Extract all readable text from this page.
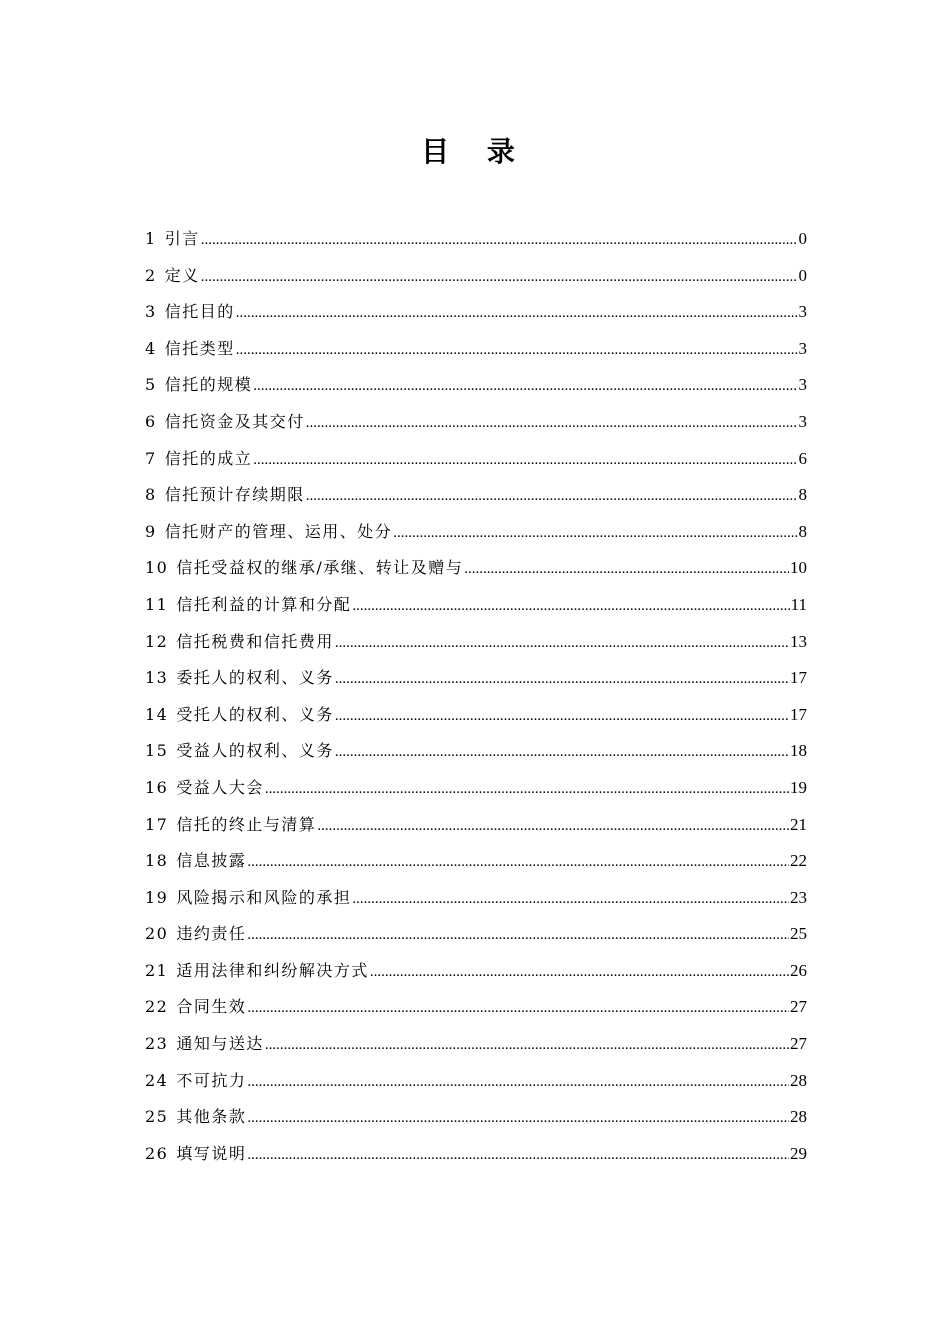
目 录
1 引言 .....	0
2 定义 .....	0
3 信托目的 .....	3
4 信托类型 .....	3
5 信托的规模 .....	3
6 信托资金及其交付 .....	3
7 信托的成立 .....	6
8 信托预计存续期限 .....	8
9 信托财产的管理、运用、处分 .....	8
10 信托受益权的继承/承继、转让及赠与 .....	10
11 信托利益的计算和分配 .....	11
12 信托税费和信托费用 .....	13
13 委托人的权利、义务 .....	17
14 受托人的权利、义务 .....	17
15 受益人的权利、义务 .....	18
16 受益人大会 .....	19
17 信托的终止与清算 .....	21
18 信息披露 .....	22
19 风险揭示和风险的承担 .....	23
20 违约责任 .....	25
21 适用法律和纠纷解决方式 .....	26
22 合同生效 .....	27
23 通知与送达 .....	27
24 不可抗力 .....	28
25 其他条款 .....	28
26 填写说明 .....	29
